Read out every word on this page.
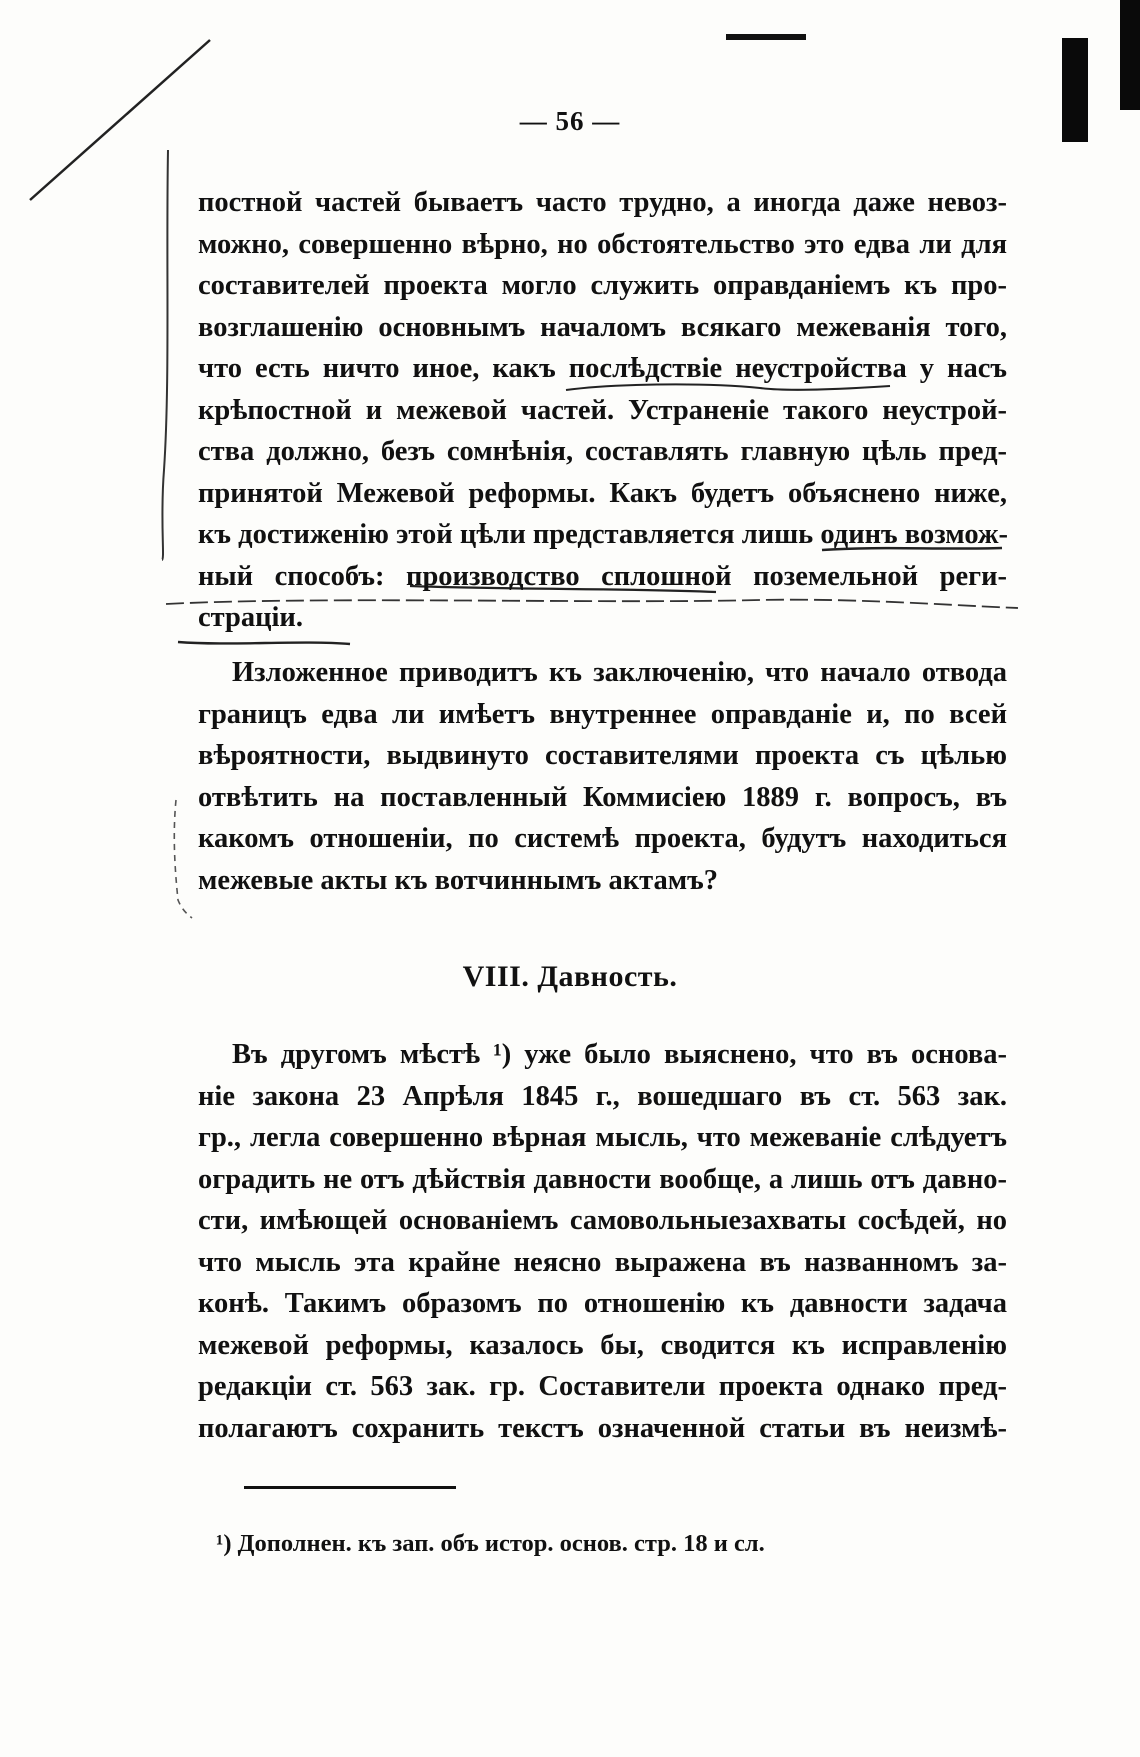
— 56 —
постной частей бываетъ часто трудно, а иногда даже невоз-
можно, совершенно вѣрно, но обстоятельство это едва ли для
составителей проекта могло служить оправданіемъ къ про-
возглашенію основнымъ началомъ всякаго межеванія того,
что есть ничто иное, какъ послѣдствіе неустройства у насъ
крѣпостной и межевой частей. Устраненіе такого неустрой-
ства должно, безъ сомнѣнія, составлять главную цѣль пред-
принятой Межевой реформы. Какъ будетъ объяснено ниже,
къ достиженію этой цѣли представляется лишь одинъ возмож-
ный способъ: производство сплошной поземельной реги-
страціи.
Изложенное приводитъ къ заключенію, что начало отвода
границъ едва ли имѣетъ внутреннее оправданіе и, по всей
вѣроятности, выдвинуто составителями проекта съ цѣлью
отвѣтить на поставленный Коммисіею 1889 г. вопросъ, въ
какомъ отношеніи, по системѣ проекта, будутъ находиться
межевые акты къ вотчиннымъ актамъ?
VIII. Давность.
Въ другомъ мѣстѣ ¹) уже было выяснено, что въ основа-
ніе закона 23 Апрѣля 1845 г., вошедшаго въ ст. 563 зак.
гр., легла совершенно вѣрная мысль, что межеваніе слѣдуетъ
оградить не отъ дѣйствія давности вообще, а лишь отъ давно-
сти, имѣющей основаніемъ самовольныезахваты сосѣдей, но
что мысль эта крайне неясно выражена въ названномъ за-
конѣ. Такимъ образомъ по отношенію къ давности задача
межевой реформы, казалось бы, сводится къ исправленію
редакціи ст. 563 зак. гр. Составители проекта однако пред-
полагаютъ сохранить текстъ означенной статьи въ неизмѣ-
¹) Дополнен. къ зап. объ истор. основ. стр. 18 и сл.
